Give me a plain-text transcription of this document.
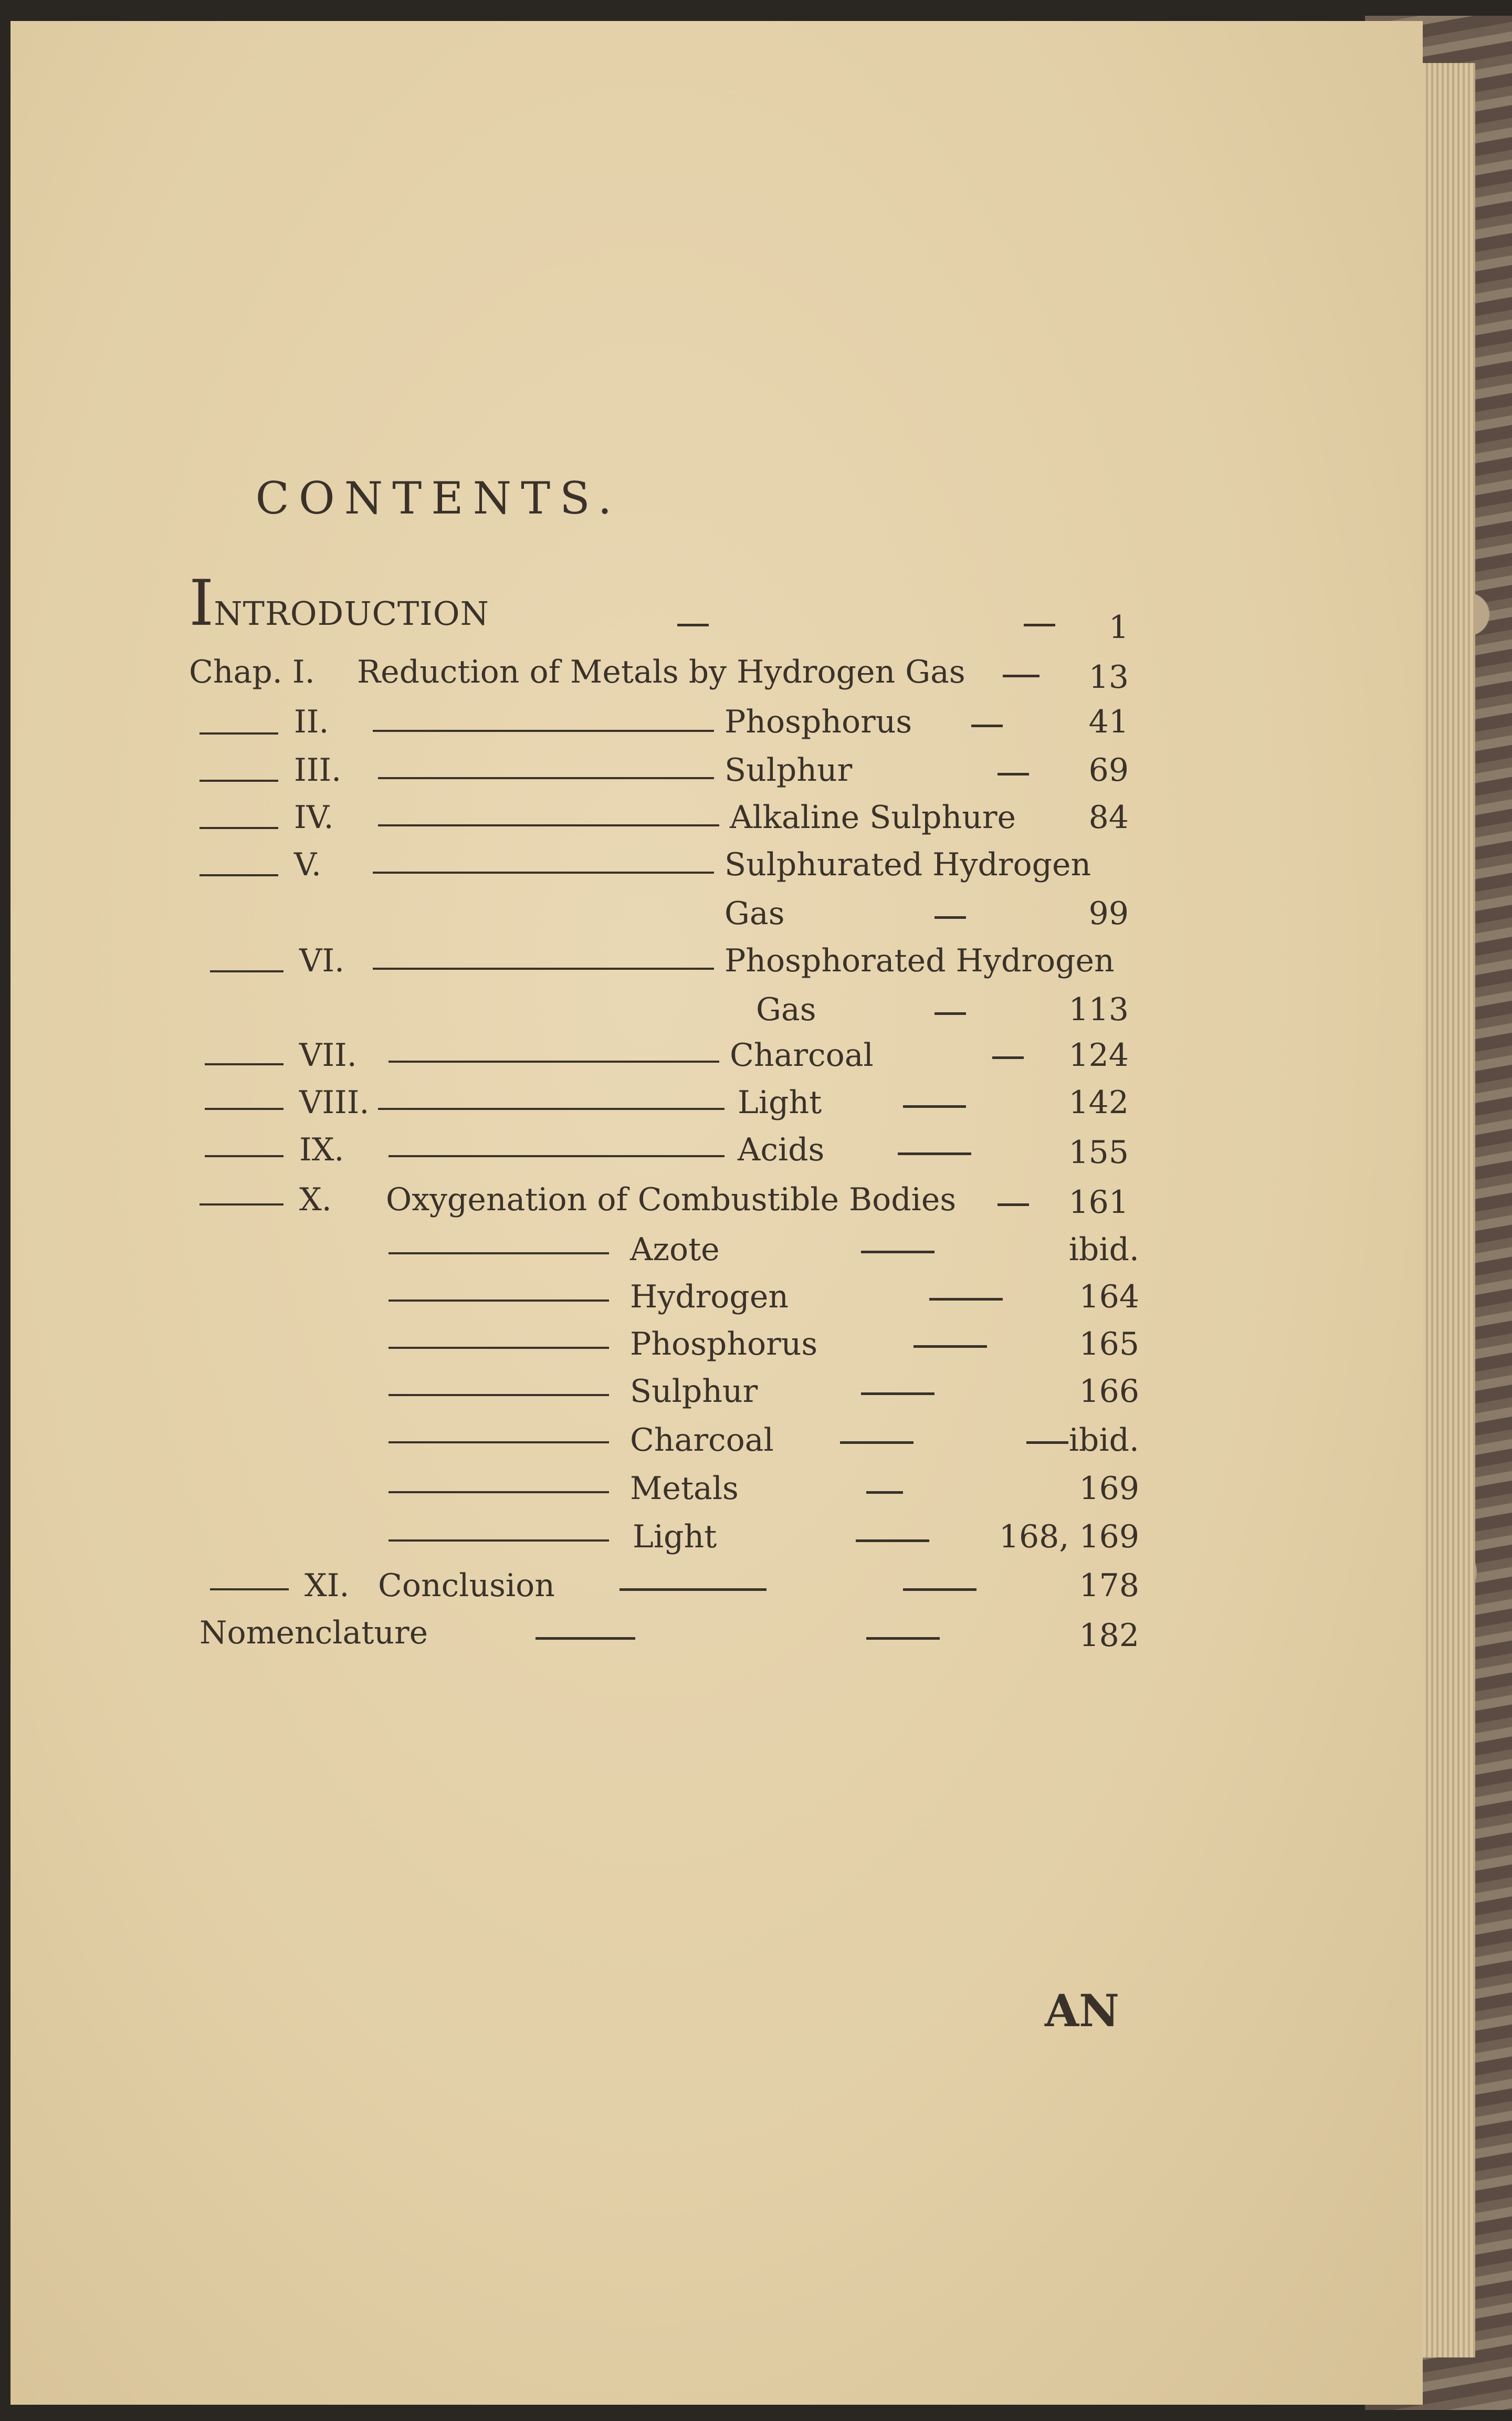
CONTENTS.
INTRODUCTION	1
Chap. I. Reduction of Metals by Hydrogen Gas	13
II.	Phosphorus	41
III.	Sulphur	69
IV.	Alkaline Sulphure	84
V.	Sulphurated Hydrogen
Gas	99
VI.	Phosphorated Hydrogen
Gas	113
VII.	Charcoal	124
VIII.	Light	142
IX.	Acids	155
X. Oxygenation of Combustible Bodies	161
Azote	ibid.
Hydrogen	164
Phosphorus	165
Sulphur	166
Charcoal	ibid.
Metals	169
Light	168, 169
XI. Conclusion	178
Nomenclature	182
AN
